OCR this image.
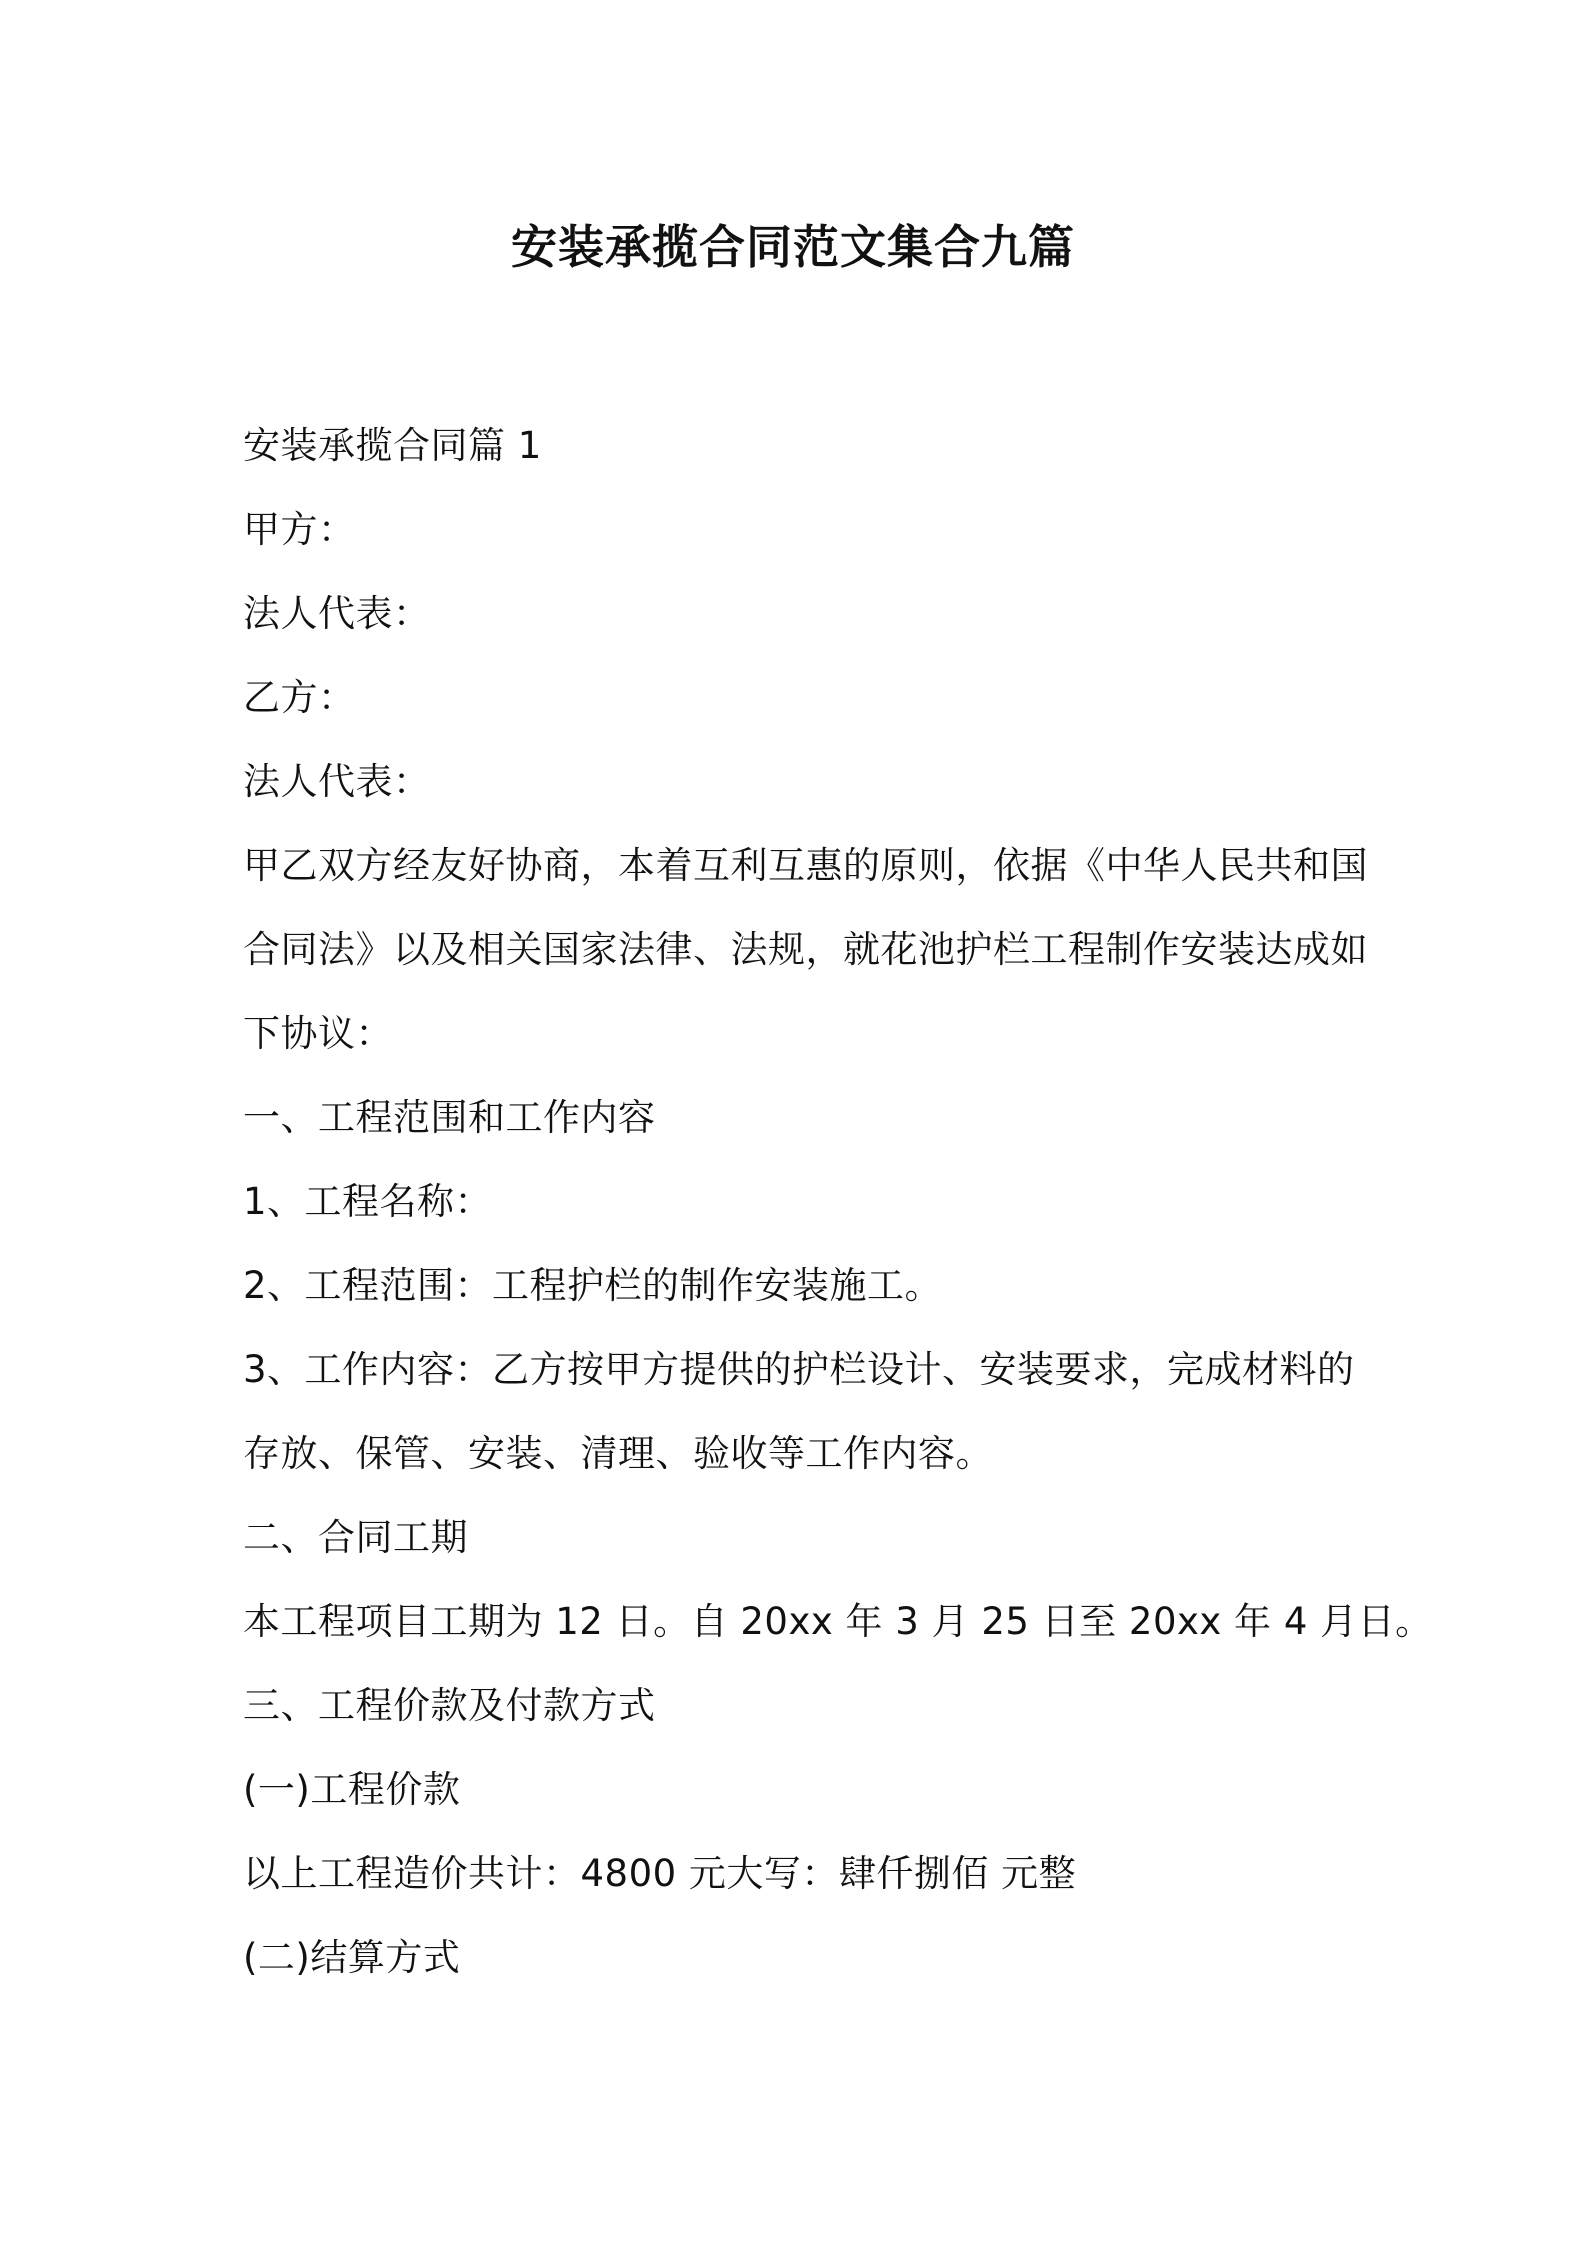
安装承揽合同范文集合九篇
安装承揽合同篇 1
甲方：
法人代表：
乙方：
法人代表：
甲乙双方经友好协商，本着互利互惠的原则，依据《中华人民共和国
合同法》以及相关国家法律、法规，就花池护栏工程制作安装达成如
下协议：
一、工程范围和工作内容
1、工程名称：
2、工程范围：工程护栏的制作安装施工。
3、工作内容：乙方按甲方提供的护栏设计、安装要求，完成材料的
存放、保管、安装、清理、验收等工作内容。
二、合同工期
本工程项目工期为 12 日。自 20xx 年 3 月 25 日至 20xx 年 4 月日。
三、工程价款及付款方式
(一)工程价款
以上工程造价共计：4800 元大写：肆仟捌佰 元整
(二)结算方式
